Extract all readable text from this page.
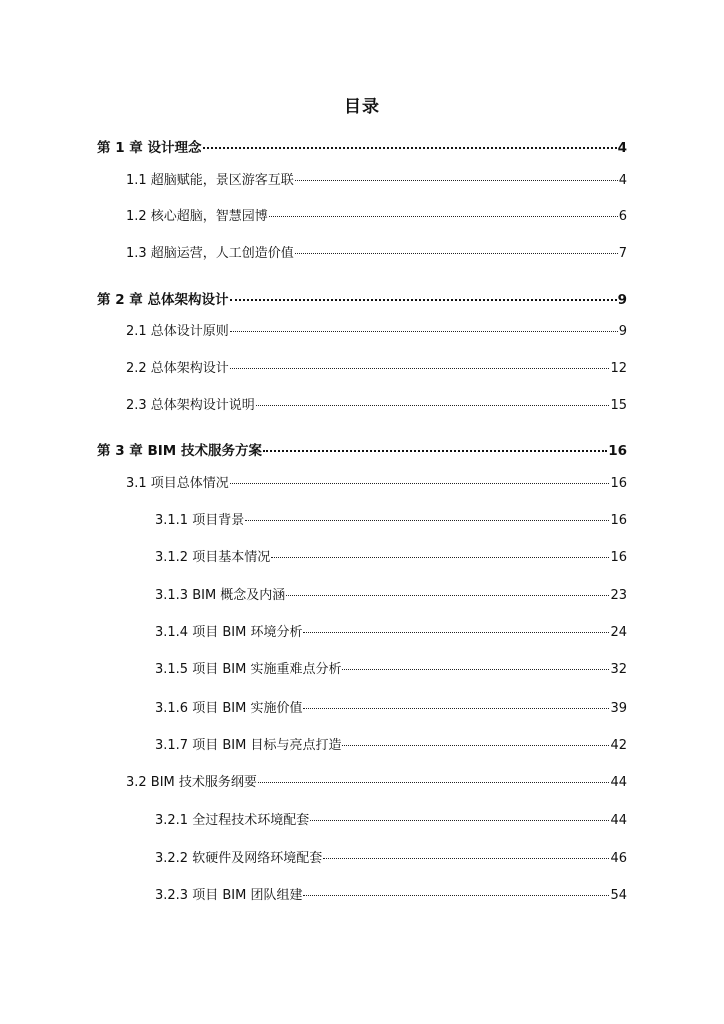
目录
第 1 章 设计理念	4
1.1 超脑赋能，景区游客互联	4
1.2 核心超脑，智慧园博	6
1.3 超脑运营，人工创造价值	7
第 2 章 总体架构设计	9
2.1 总体设计原则	9
2.2 总体架构设计	12
2.3 总体架构设计说明	15
第 3 章 BIM 技术服务方案	16
3.1 项目总体情况	16
3.1.1 项目背景	16
3.1.2 项目基本情况	16
3.1.3 BIM 概念及内涵	23
3.1.4 项目 BIM 环境分析	24
3.1.5 项目 BIM 实施重难点分析	32
3.1.6 项目 BIM 实施价值	39
3.1.7 项目 BIM 目标与亮点打造	42
3.2 BIM 技术服务纲要	44
3.2.1 全过程技术环境配套	44
3.2.2 软硬件及网络环境配套	46
3.2.3 项目 BIM 团队组建	54
